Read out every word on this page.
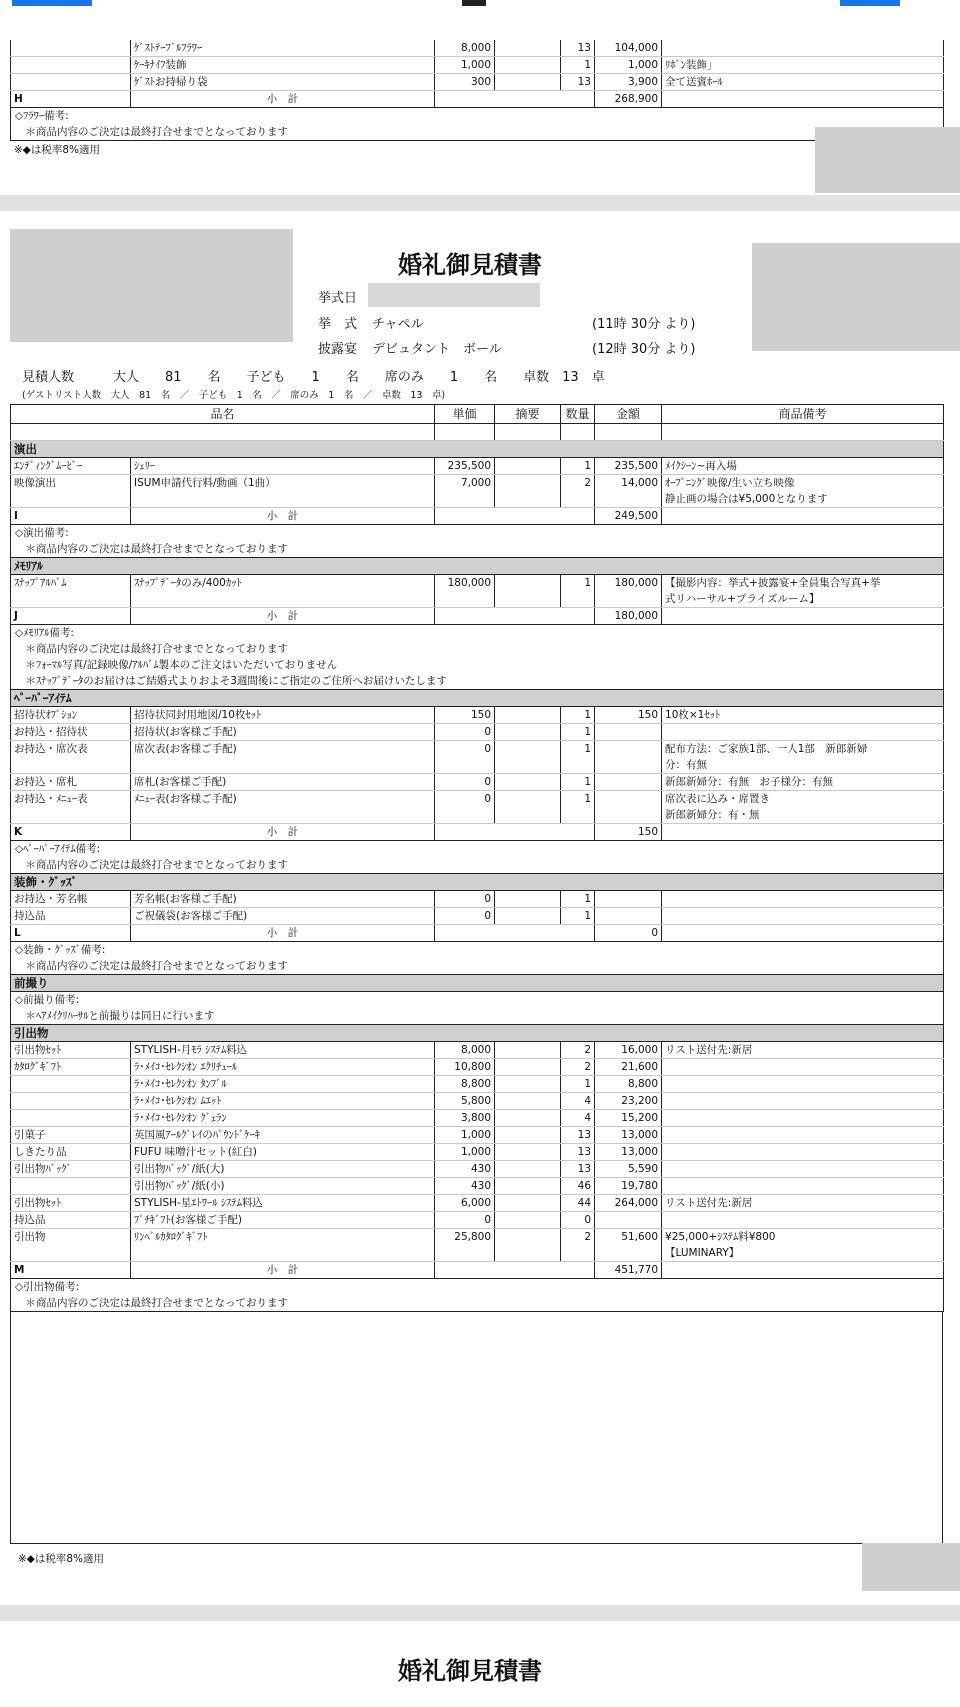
	ｹﾞｽﾄﾃｰﾌﾞﾙﾌﾗﾜｰ	8,000		13	104,000	
	ｹｰｷﾅｲﾌ装飾	1,000		1	1,000	ﾘﾎﾞﾝ装飾」
	ｹﾞｽﾄお持帰り袋	300		13	3,900	全て送賓ﾎｰﾙ
H	小　計				268,900	
◇ﾌﾗﾜｰ備考:						
　＊商品内容のご決定は最終打合せまでとなっております						
※◆は税率8%適用
婚礼御見積書
挙式日
挙　式 チャペル	(11時 30分 より)
披露宴 デビュタント　ボール	(12時 30分 より)
見積人数　　　大人　　81　　名　　子ども　　1　　名　　席のみ　　1　　名　　卓数　13　卓
(ゲストリスト人数　大人　81　名　／　子ども　1　名　／　席のみ　1　名　／　卓数　13　卓)
品名		単価	摘要	数量	金額	商品備考

演出						
ｴﾝﾃﾞｨﾝｸﾞﾑｰﾋﾞｰ	ｼｪﾘｰ	235,500		1	235,500	ﾒｲｸｼｰﾝ~再入場
映像演出	ISUM申請代行料/動画（1曲）	7,000		2	14,000	ｵｰﾌﾟﾆﾝｸﾞ映像/生い立ち映像
静止画の場合は¥5,000となります
I	小　計				249,500	
◇演出備考:						
　＊商品内容のご決定は最終打合せまでとなっております						
ﾒﾓﾘｱﾙ						
ｽﾅｯﾌﾟｱﾙﾊﾞﾑ	ｽﾅｯﾌﾟﾃﾞｰﾀのみ/400ｶｯﾄ	180,000		1	180,000	【撮影内容：挙式+披露宴+全員集合写真+挙
式リハーサル+プライズルーム】
J	小　計				180,000	
◇ﾒﾓﾘｱﾙ備考:						
　＊商品内容のご決定は最終打合せまでとなっております						
　＊ﾌｫｰﾏﾙ写真/記録映像/ｱﾙﾊﾞﾑ製本のご注文はいただいておりません						
　＊ｽﾅｯﾌﾟﾃﾞｰﾀのお届けはご結婚式よりおよそ3週間後にご指定のご住所へお届けいたします						
ﾍﾟｰﾊﾟｰｱｲﾃﾑ						
招待状ｵﾌﾟｼｮﾝ	招待状同封用地図/10枚ｾｯﾄ	150		1	150	10枚×1ｾｯﾄ
お持込・招待状	招待状(お客様ご手配)	0		1		
お持込・席次表	席次表(お客様ご手配)	0		1		配布方法：ご家族1部、一人1部　新郎新婦
分：有無
お持込・席札	席札(お客様ご手配)	0		1		新郎新婦分：有無　お子様分：有無
お持込・ﾒﾆｭｰ表	ﾒﾆｭｰ表(お客様ご手配)	0		1		席次表に込み・席置き
新郎新婦分：有・無
K	小　計				150	
◇ﾍﾟｰﾊﾟｰｱｲﾃﾑ備考:						
　＊商品内容のご決定は最終打合せまでとなっております						
装飾・ｸﾞｯｽﾞ						
お持込・芳名帳	芳名帳(お客様ご手配)	0		1		
持込品	ご祝儀袋(お客様ご手配)	0		1		
L	小　計				0	
◇装飾・ｸﾞｯｽﾞ備考:						
　＊商品内容のご決定は最終打合せまでとなっております						
前撮り						
◇前撮り備考:						
　＊ﾍｱﾒｲｸﾘﾊｰｻﾙと前撮りは同日に行います						
引出物						
引出物ｾｯﾄ	STYLISH-月ﾓﾗ ｼｽﾃﾑ料込	8,000		2	16,000	リスト送付先:新居
ｶﾀﾛｸﾞｷﾞﾌﾄ	ﾗ･ﾒｲｺ･ｾﾚｸｼｵﾝ ｴｸﾘﾁｭｰﾙ	10,800		2	21,600	
	ﾗ･ﾒｲｺ･ｾﾚｸｼｵﾝ ﾀﾝﾌﾞﾙ	8,800		1	8,800	
	ﾗ･ﾒｲｺ･ｾﾚｸｼｵﾝ ﾑｴｯﾄ	5,800		4	23,200	
	ﾗ･ﾒｲｺ･ｾﾚｸｼｵﾝ ｸﾞｪﾗﾝ	3,800		4	15,200	
引菓子	英国風ｱｰﾙｸﾞﾚｲのﾊﾟｳﾝﾄﾞｹｰｷ	1,000		13	13,000	
しきたり品	FUFU 味噌汁セット(紅白)	1,000		13	13,000	
引出物ﾊﾞｯｸﾞ	引出物ﾊﾞｯｸﾞ/紙(大)	430		13	5,590	
	引出物ﾊﾞｯｸﾞ/紙(小)	430		46	19,780	
引出物ｾｯﾄ	STYLISH-星ｴﾄﾜｰﾙ ｼｽﾃﾑ料込	6,000		44	264,000	リスト送付先:新居
持込品	ﾌﾟﾁｷﾞﾌﾄ(お客様ご手配)	0		0		
引出物	ﾘﾝﾍﾞﾙｶﾀﾛｸﾞｷﾞﾌﾄ	25,800		2	51,600	¥25,000+ｼｽﾃﾑ料¥800
【LUMINARY】
M	小　計				451,770	
◇引出物備考:						
　＊商品内容のご決定は最終打合せまでとなっております						
※◆は税率8%適用
婚礼御見積書
